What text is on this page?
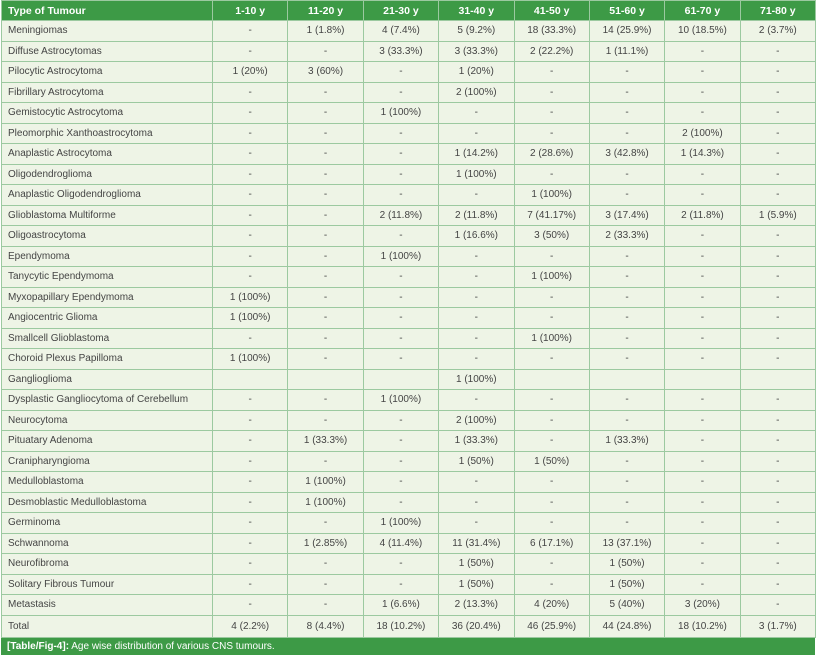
Type of Tumour	1-10 y	11-20 y	21-30 y	31-40 y	41-50 y	51-60 y	61-70 y	71-80 y
Meningiomas	-	1 (1.8%)	4 (7.4%)	5 (9.2%)	18 (33.3%)	14 (25.9%)	10 (18.5%)	2 (3.7%)
Diffuse Astrocytomas	-	-	3 (33.3%)	3 (33.3%)	2 (22.2%)	1 (11.1%)	-	-
Pilocytic Astrocytoma	1 (20%)	3 (60%)	-	1 (20%)	-	-	-	-
Fibrillary Astrocytoma	-	-	-	2 (100%)	-	-	-	-
Gemistocytic Astrocytoma	-	-	1 (100%)	-	-	-	-	-
Pleomorphic Xanthoastrocytoma	-	-	-	-	-	-	2 (100%)	-
Anaplastic Astrocytoma	-	-	-	1 (14.2%)	2 (28.6%)	3 (42.8%)	1 (14.3%)	-
Oligodendroglioma	-	-	-	1 (100%)	-	-	-	-
Anaplastic Oligodendroglioma	-	-	-	-	1 (100%)	-	-	-
Glioblastoma Multiforme	-	-	2 (11.8%)	2 (11.8%)	7 (41.17%)	3 (17.4%)	2 (11.8%)	1 (5.9%)
Oligoastrocytoma	-	-	-	1 (16.6%)	3 (50%)	2 (33.3%)	-	-
Ependymoma	-	-	1 (100%)	-	-	-	-	-
Tanycytic Ependymoma	-	-	-	-	1 (100%)	-	-	-
Myxopapillary Ependymoma	1 (100%)	-	-	-	-	-	-	-
Angiocentric Glioma	1 (100%)	-	-	-	-	-	-	-
Smallcell Glioblastoma	-	-	-	-	1 (100%)	-	-	-
Choroid Plexus Papilloma	1 (100%)	-	-	-	-	-	-	-
Ganglioglioma				1 (100%)				
Dysplastic Gangliocytoma of Cerebellum	-	-	1 (100%)	-	-	-	-	-
Neurocytoma	-	-	-	2 (100%)	-	-	-	-
Pituatary Adenoma	-	1 (33.3%)	-	1 (33.3%)	-	1 (33.3%)	-	-
Cranipharyngioma	-	-	-	1 (50%)	1 (50%)	-	-	-
Medulloblastoma	-	1 (100%)	-	-	-	-	-	-
Desmoblastic Medulloblastoma	-	1 (100%)	-	-	-	-	-	-
Germinoma	-	-	1 (100%)	-	-	-	-	-
Schwannoma	-	1 (2.85%)	4 (11.4%)	11 (31.4%)	6 (17.1%)	13 (37.1%)	-	-
Neurofibroma	-	-	-	1 (50%)	-	1 (50%)	-	-
Solitary Fibrous Tumour	-	-	-	1 (50%)	-	1 (50%)	-	-
Metastasis	-	-	1 (6.6%)	2 (13.3%)	4 (20%)	5 (40%)	3 (20%)	-
Total	4 (2.2%)	8 (4.4%)	18 (10.2%)	36 (20.4%)	46 (25.9%)	44 (24.8%)	18 (10.2%)	3 (1.7%)
[Table/Fig-4]: Age wise distribution of various CNS tumours.
